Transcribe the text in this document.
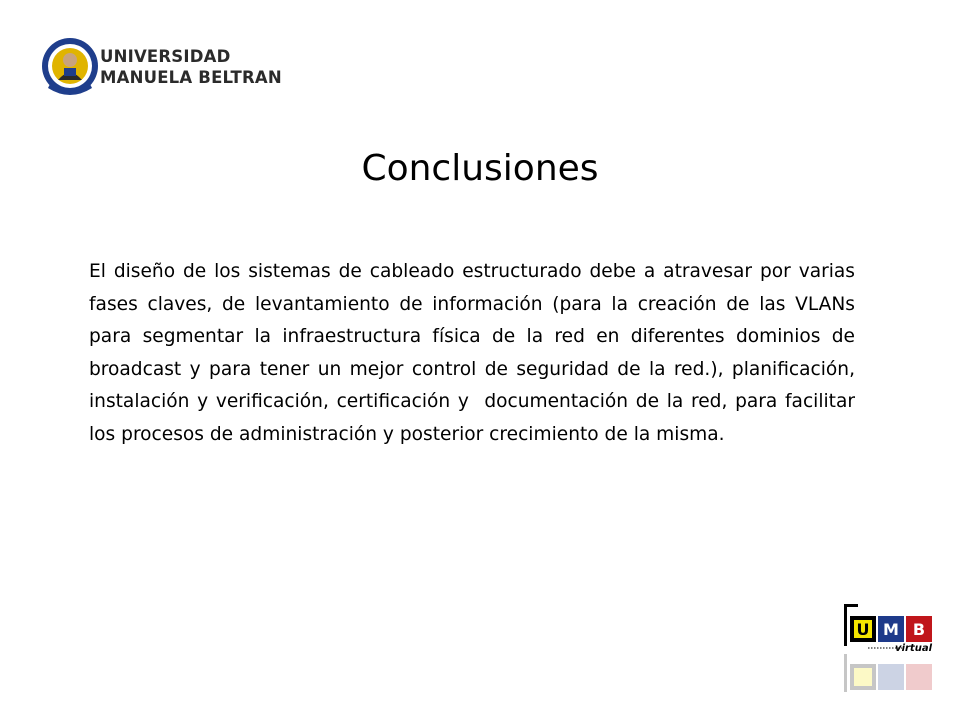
UNIVERSIDAD
MANUELA BELTRAN
Conclusiones

El diseño de los sistemas de cableado estructurado debe a atravesar por varias fases claves, de levantamiento de información (para la creación de las VLANs para segmentar la infraestructura física de la red en diferentes dominios de broadcast y para tener un mejor control de seguridad de la red.), planificación,  instalación y verificación, certificación y  documentación de la red, para facilitar los procesos de administración y posterior crecimiento de la misma.

U M B
virtual
